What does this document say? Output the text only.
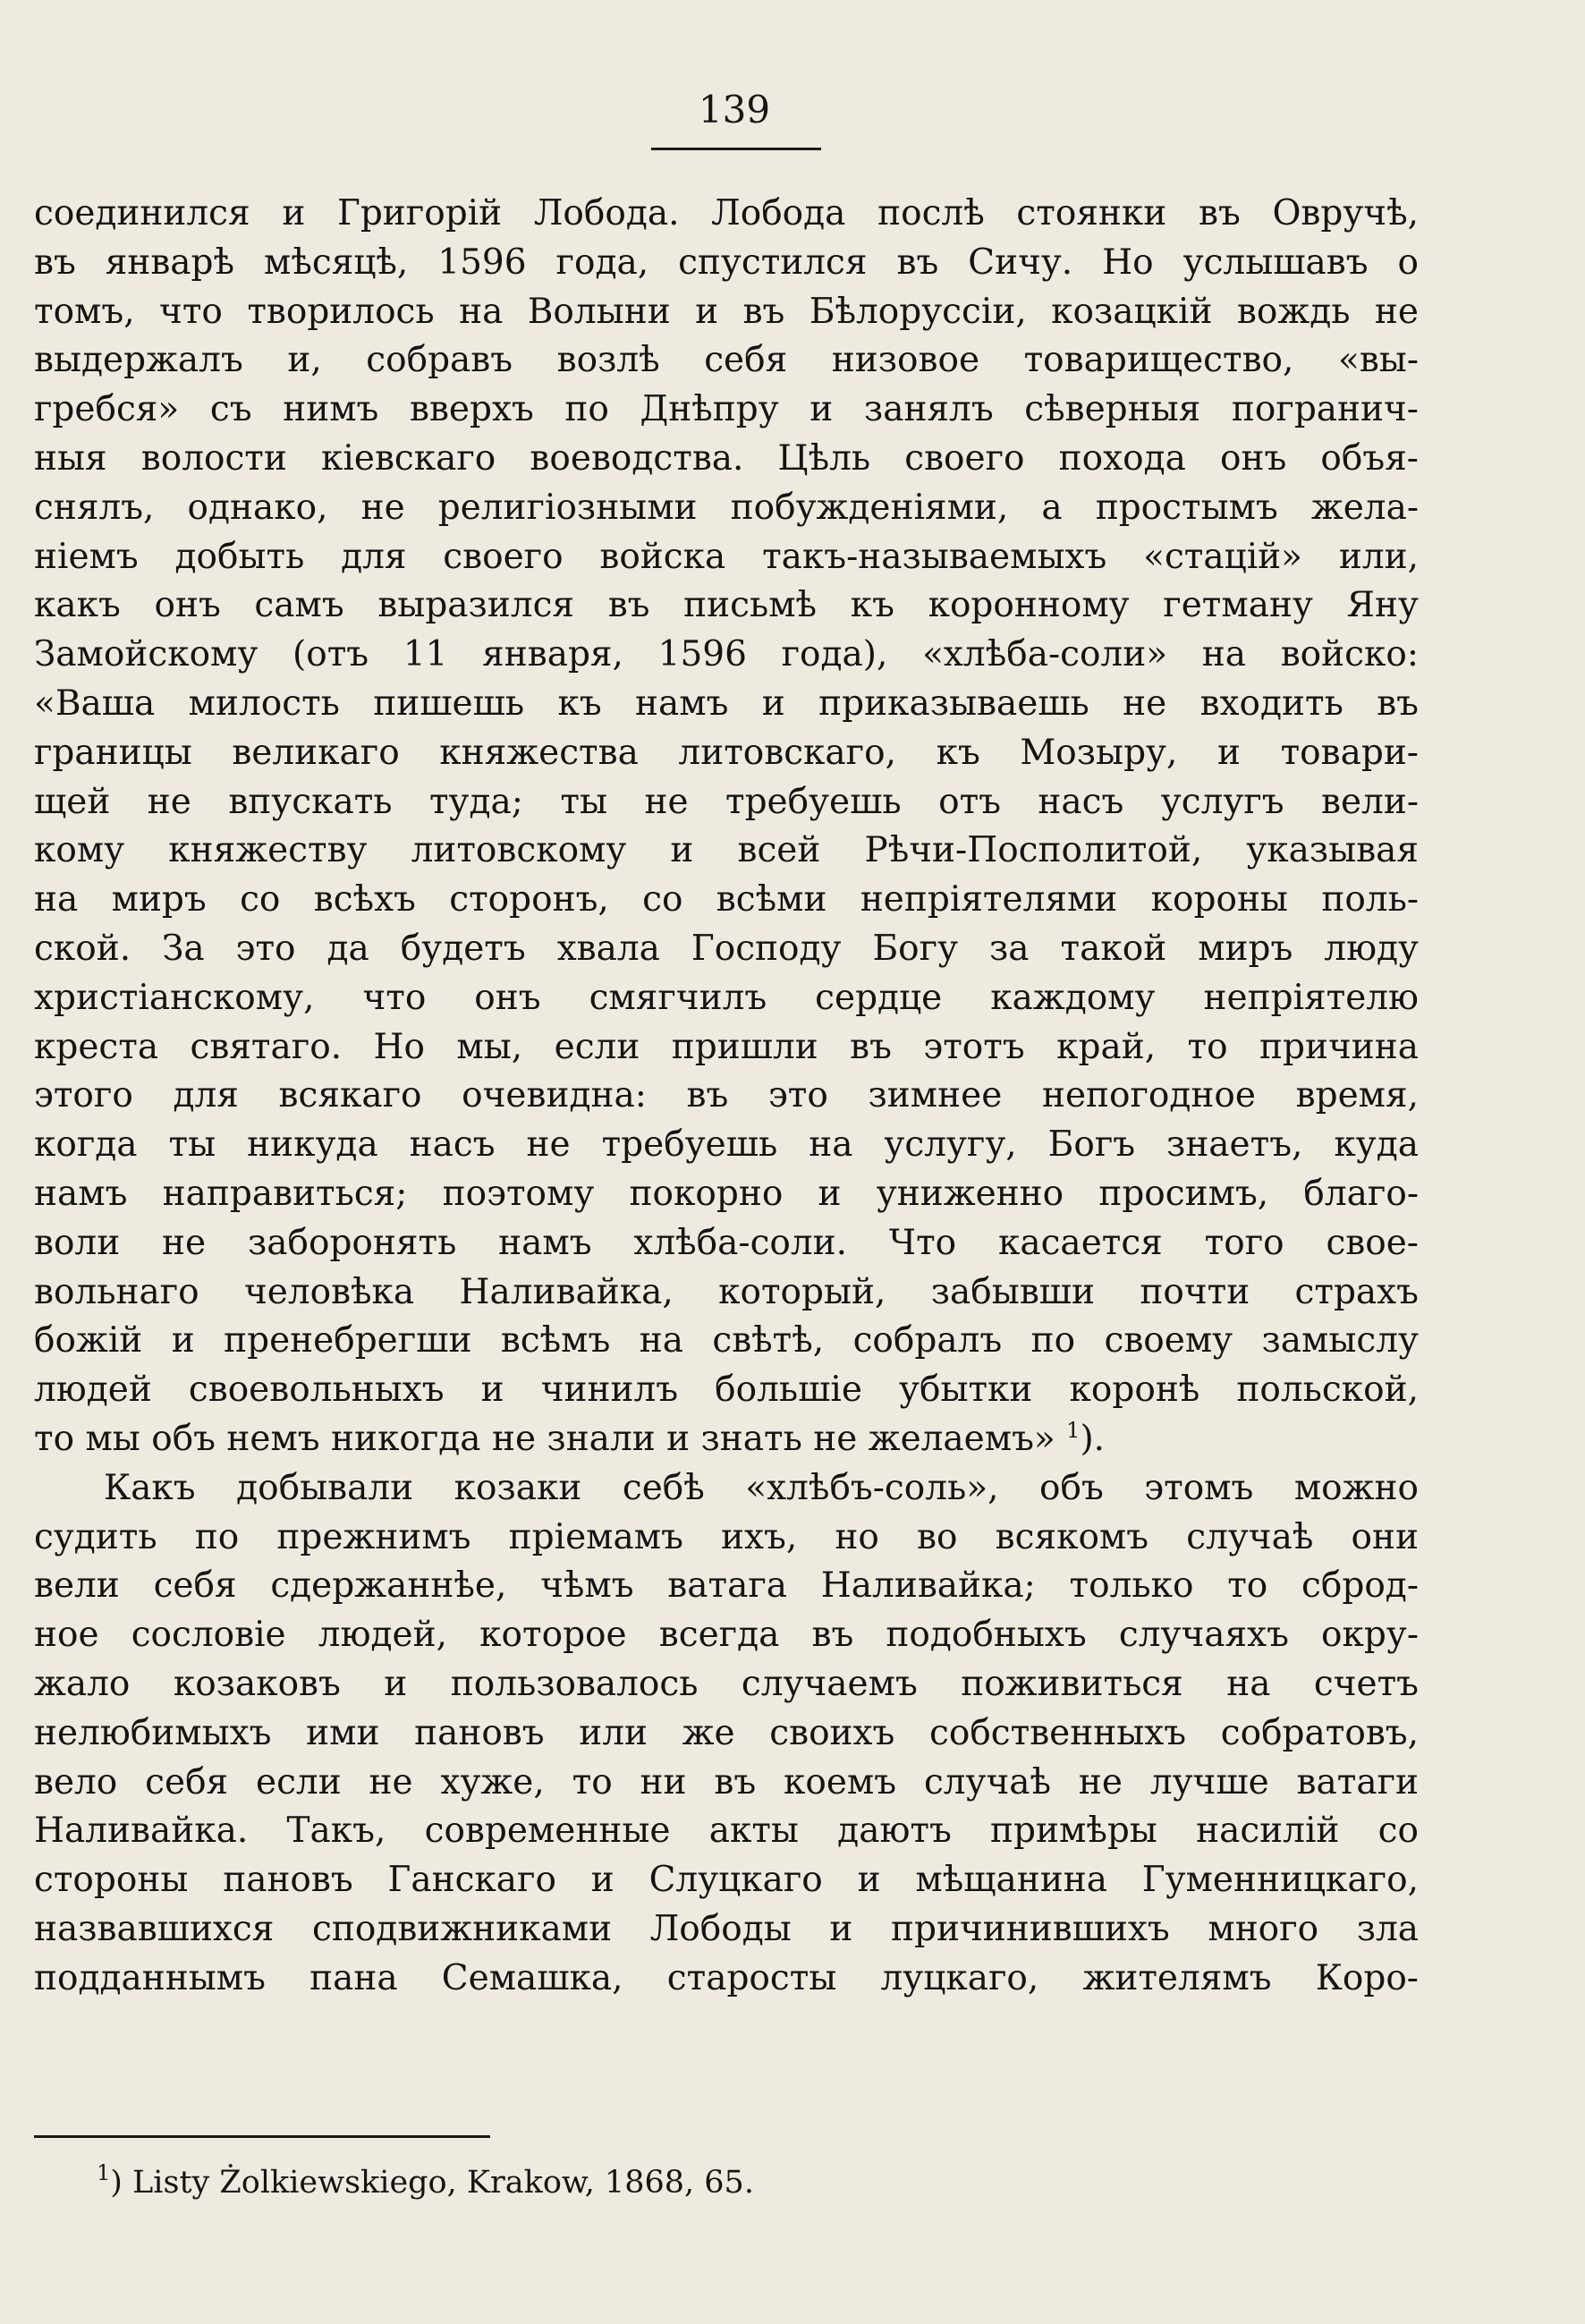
139
соединился и Григорій Лобода. Лобода послѣ стоянки въ Овручѣ,
въ январѣ мѣсяцѣ, 1596 года, спустился въ Сичу. Но услышавъ о
томъ, что творилось на Волыни и въ Бѣлоруссіи, козацкій вождь не
выдержалъ и, собравъ возлѣ себя низовое товарищество, «вы-
гребся» съ нимъ вверхъ по Днѣпру и занялъ сѣверныя погранич-
ныя волости кіевскаго воеводства. Цѣль своего похода онъ объя-
снялъ, однако, не религіозными побужденіями, а простымъ жела-
ніемъ добыть для своего войска такъ-называемыхъ «стацій» или,
какъ онъ самъ выразился въ письмѣ къ коронному гетману Яну
Замойскому (отъ 11 января, 1596 года), «хлѣба-соли» на войско:
«Ваша милость пишешь къ намъ и приказываешь не входить въ
границы великаго княжества литовскаго, къ Мозыру, и товари-
щей не впускать туда; ты не требуешь отъ насъ услугъ вели-
кому княжеству литовскому и всей Рѣчи-Посполитой, указывая
на миръ со всѣхъ сторонъ, со всѣми непріятелями короны поль-
ской. За это да будетъ хвала Господу Богу за такой миръ люду
христіанскому, что онъ смягчилъ сердце каждому непріятелю
креста святаго. Но мы, если пришли въ этотъ край, то причина
этого для всякаго очевидна: въ это зимнее непогодное время,
когда ты никуда насъ не требуешь на услугу, Богъ знаетъ, куда
намъ направиться; поэтому покорно и униженно просимъ, благо-
воли не заборонять намъ хлѣба-соли. Что касается того свое-
вольнаго человѣка Наливайка, который, забывши почти страхъ
божій и пренебрегши всѣмъ на свѣтѣ, собралъ по своему замыслу
людей своевольныхъ и чинилъ большіе убытки коронѣ польской,
то мы объ немъ никогда не знали и знать не желаемъ» $^1$).
Какъ добывали козаки себѣ «хлѣбъ-соль», объ этомъ можно
судить по прежнимъ пріемамъ ихъ, но во всякомъ случаѣ они
вели себя сдержаннѣе, чѣмъ ватага Наливайка; только то сброд-
ное сословіе людей, которое всегда въ подобныхъ случаяхъ окру-
жало козаковъ и пользовалось случаемъ поживиться на счетъ
нелюбимыхъ ими пановъ или же своихъ собственныхъ собратовъ,
вело себя если не хуже, то ни въ коемъ случаѣ не лучше ватаги
Наливайка. Такъ, современные акты даютъ примѣры насилій со
стороны пановъ Ганскаго и Слуцкаго и мѣщанина Гуменницкаго,
назвавшихся сподвижниками Лободы и причинившихъ много зла
подданнымъ пана Семашка, старосты луцкаго, жителямъ Коро-
$^1$) Listy Żolkiewskiego, Krakow, 1868, 65.
